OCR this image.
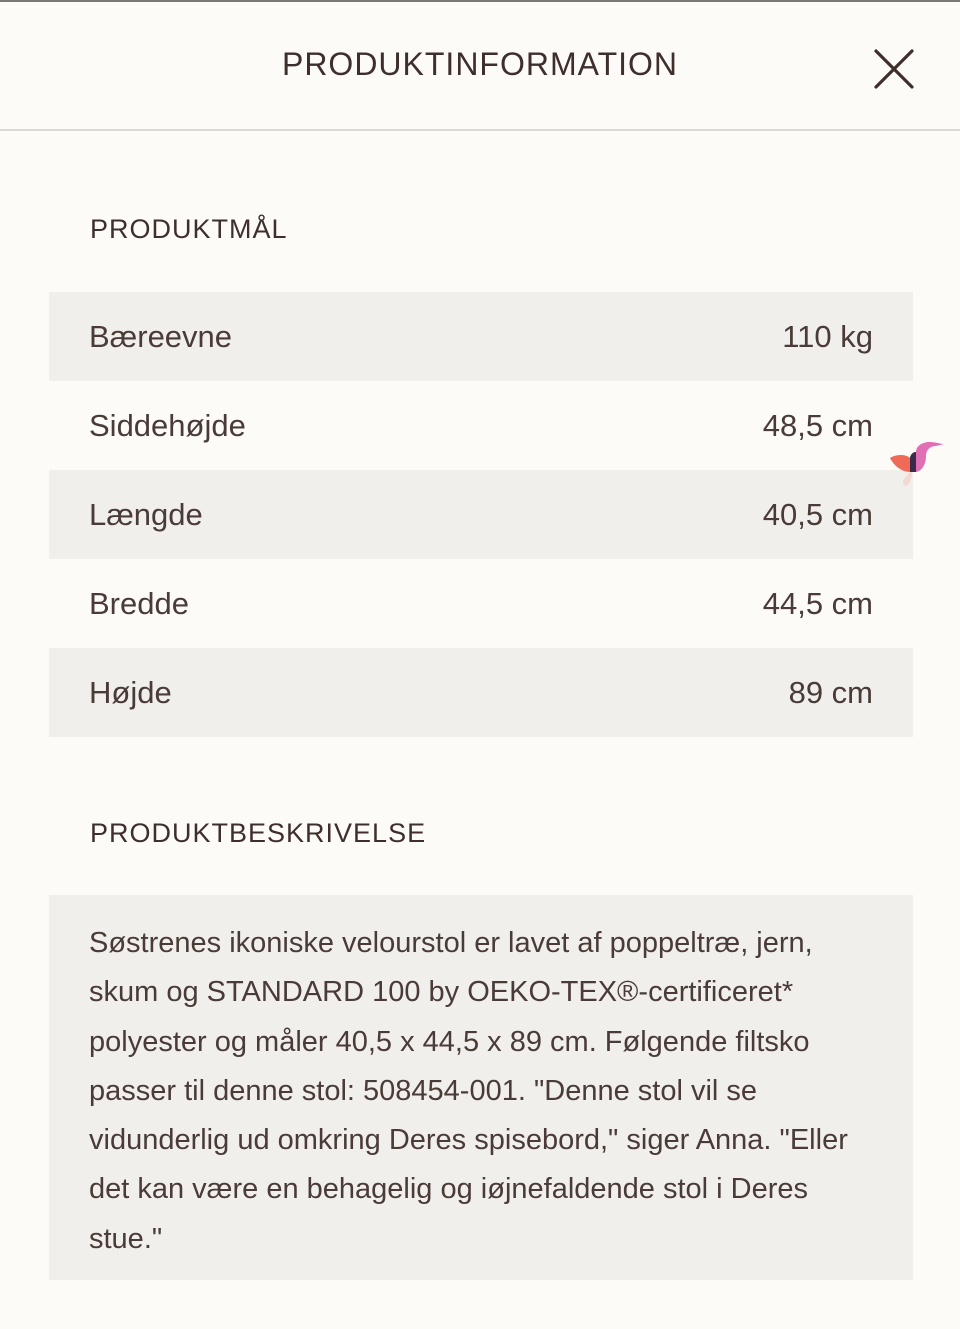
PRODUKTINFORMATION
PRODUKTMÅL
Bæreevne	110 kg
Siddehøjde	48,5 cm
Længde	40,5 cm
Bredde	44,5 cm
Højde	89 cm
PRODUKTBESKRIVELSE

Søstrenes ikoniske velourstol er lavet af poppeltræ, jern, skum og STANDARD 100 by OEKO-TEX®-certificeret* polyester og måler 40,5 x 44,5 x 89 cm. Følgende filtsko passer til denne stol: 508454-001. "Denne stol vil se vidunderlig ud omkring Deres spisebord," siger Anna. "Eller det kan være en behagelig og iøjnefaldende stol i Deres stue."
